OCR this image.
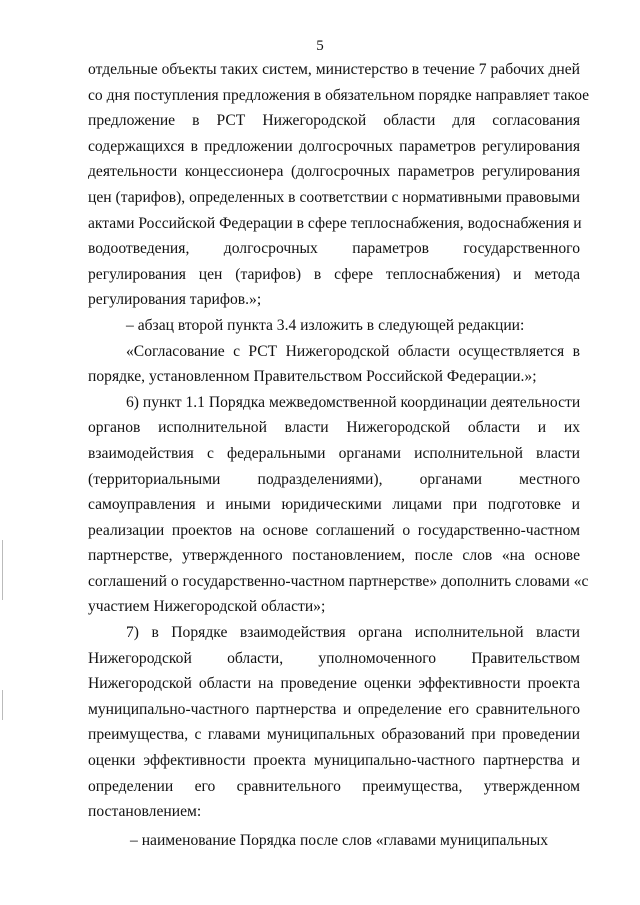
5
отдельные объекты таких систем, министерство в течение 7 рабочих дней
со дня поступления предложения в обязательном порядке направляет такое
предложение в РСТ Нижегородской области для согласования
содержащихся в предложении долгосрочных параметров регулирования
деятельности концессионера (долгосрочных параметров регулирования
цен (тарифов), определенных в соответствии с нормативными правовыми
актами Российской Федерации в сфере теплоснабжения, водоснабжения и
водоотведения, долгосрочных параметров государственного
регулирования цен (тарифов) в сфере теплоснабжения) и метода
регулирования тарифов.»;
– абзац второй пункта 3.4 изложить в следующей редакции:
«Согласование с РСТ Нижегородской области осуществляется в
порядке, установленном Правительством Российской Федерации.»;
6) пункт 1.1 Порядка межведомственной координации деятельности
органов исполнительной власти Нижегородской области и их
взаимодействия с федеральными органами исполнительной власти
(территориальными подразделениями), органами местного
самоуправления и иными юридическими лицами при подготовке и
реализации проектов на основе соглашений о государственно-частном
партнерстве, утвержденного постановлением, после слов «на основе
соглашений о государственно-частном партнерстве» дополнить словами «с
участием Нижегородской области»;
7) в Порядке взаимодействия органа исполнительной власти
Нижегородской области, уполномоченного Правительством
Нижегородской области на проведение оценки эффективности проекта
муниципально-частного партнерства и определение его сравнительного
преимущества, с главами муниципальных образований при проведении
оценки эффективности проекта муниципально-частного партнерства и
определении его сравнительного преимущества, утвержденном
постановлением:
– наименование Порядка после слов «главами муниципальных
